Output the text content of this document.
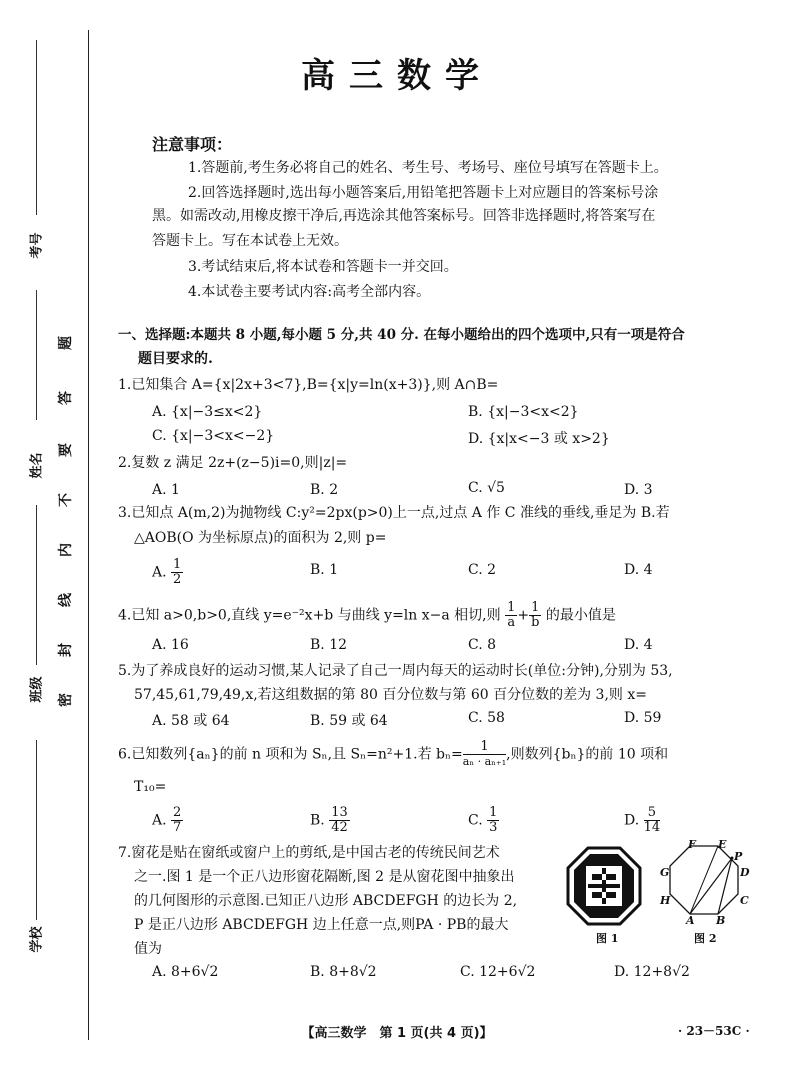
考号
姓名
班级
学校
题
答
要
不
内
线
封
密
高三数学
注意事项：
1.答题前,考生务必将自己的姓名、考生号、考场号、座位号填写在答题卡上。
2.回答选择题时,选出每小题答案后,用铅笔把答题卡上对应题目的答案标号涂
黑。如需改动,用橡皮擦干净后,再选涂其他答案标号。回答非选择题时,将答案写在
答题卡上。写在本试卷上无效。
3.考试结束后,将本试卷和答题卡一并交回。
4.本试卷主要考试内容:高考全部内容。
一、选择题:本题共 8 小题,每小题 5 分,共 40 分. 在每小题给出的四个选项中,只有一项是符合
题目要求的.
1.已知集合 A={x|2x+3<7},B={x|y=ln(x+3)},则 A∩B=
A. {x|−3≤x<2}	B. {x|−3<x<2}
C. {x|−3<x<−2}	D. {x|x<−3 或 x>2}
2.复数 z 满足 2z+(z−5)i=0,则|z|=
A. 1	B. 2	C. √5	D. 3
3.已知点 A(m,2)为抛物线 C:y²=2px(p>0)上一点,过点 A 作 C 准线的垂线,垂足为 B.若
△AOB(O 为坐标原点)的面积为 2,则 p=
A. $\frac{1}{2}$	B. 1	C. 2	D. 4
4.已知 a>0,b>0,直线 y=e⁻²x+b 与曲线 y=ln x−a 相切,则 $\frac{1}{a} + \frac{1}{b}$ 的最小值是
A. 16	B. 12	C. 8	D. 4
5.为了养成良好的运动习惯,某人记录了自己一周内每天的运动时长(单位:分钟),分别为 53,
57,45,61,79,49,x,若这组数据的第 80 百分位数与第 60 百分位数的差为 3,则 x=
A. 58 或 64	B. 59 或 64	C. 58	D. 59
6.已知数列{aₙ}的前 n 项和为 Sₙ,且 Sₙ=n²+1.若 $b_n= \frac{1}{\text{aₙ · aₙ₊₁}}$ ,则数列{bₙ}的前 10 项和
T₁₀=
A. $\frac{2}{7}$	B. $\frac{13}{42}$	C. $\frac{1}{3}$	D. $\frac{5}{14}$
7.窗花是贴在窗纸或窗户上的剪纸,是中国古老的传统民间艺术
之一.图 1 是一个正八边形窗花隔断,图 2 是从窗花图中抽象出
的几何图形的示意图.已知正八边形 ABCDEFGH 的边长为 2,
P 是正八边形 ABCDEFGH 边上任意一点,则PA · PB的最大
值为
A. 8+6√2	B. 8+8√2	C. 12+6√2	D. 12+8√2
图 1
F E
P
D
C
B
A
H
G
图 2
【高三数学　第 1 页(共 4 页)】	· 23－53C ·
